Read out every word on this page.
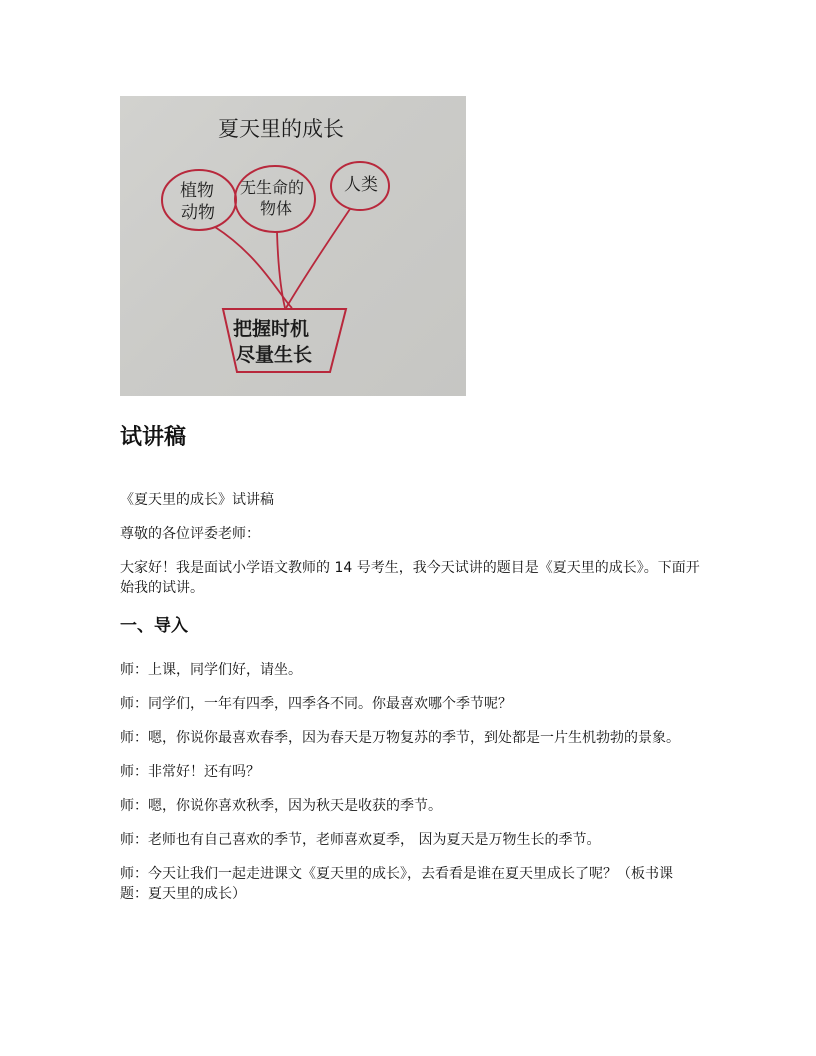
夏天里的成长
植物
动物
无生命的
物体
人类
把握时机
尽量生长
试讲稿

《夏天里的成长》试讲稿

尊敬的各位评委老师：

大家好！我是面试小学语文教师的 14 号考生，我今天试讲的题目是《夏天里的成长》。下面开始我的试讲。

一、导入

师：上课，同学们好，请坐。

师：同学们，一年有四季，四季各不同。你最喜欢哪个季节呢？

师：嗯，你说你最喜欢春季，因为春天是万物复苏的季节，到处都是一片生机勃勃的景象。

师：非常好！还有吗？

师：嗯，你说你喜欢秋季，因为秋天是收获的季节。

师：老师也有自己喜欢的季节，老师喜欢夏季， 因为夏天是万物生长的季节。

师：今天让我们一起走进课文《夏天里的成长》，去看看是谁在夏天里成长了呢？（板书课题：夏天里的成长）
